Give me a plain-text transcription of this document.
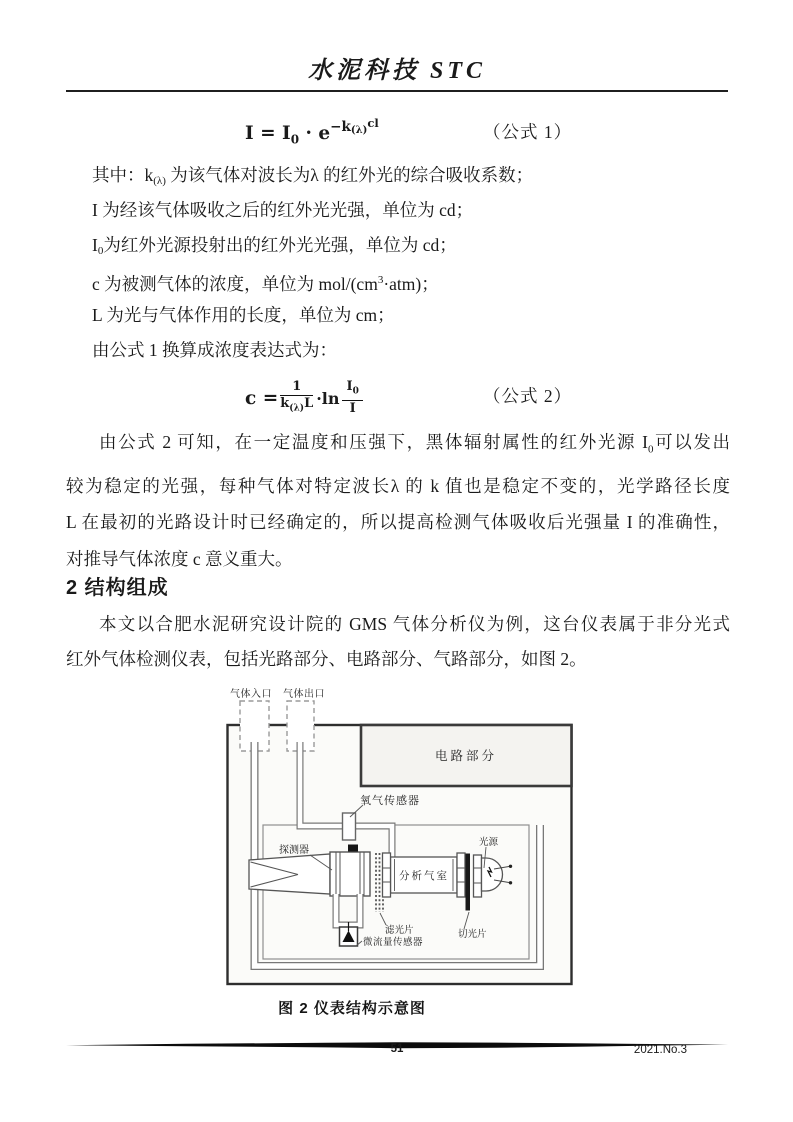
水泥科技 STC
$I = I_0 \cdot e^{-k_{(\lambda)}cl}$	（公式 1）
其中：k(λ) 为该气体对波长为λ 的红外光的综合吸收系数；
I 为经该气体吸收之后的红外光光强，单位为 cd；
I0为红外光源投射出的红外光光强，单位为 cd；
c 为被测气体的浓度，单位为 mol/$(cm^3\cdot atm)$；
L 为光与气体作用的长度，单位为 cm；
由公式 1 换算成浓度表达式为：
$c = \frac{1}{k_{(\lambda)}L} \cdot\ln \frac{I_0}{I}$	（公式 2）
由公式 2 可知，在一定温度和压强下，黑体辐射属性的红外光源 $I_0$可以发出
较为稳定的光强，每种气体对特定波长λ 的 k 值也是稳定不变的，光学路径长度
L 在最初的光路设计时已经确定的，所以提高检测气体吸收后光强量 I 的准确性，
对推导气体浓度 c 意义重大。
2 结构组成
本文以合肥水泥研究设计院的 GMS 气体分析仪为例，这台仪表属于非分光式
红外气体检测仪表，包括光路部分、电路部分、气路部分，如图 2。
电路部分
气体入口 气体出口
氧气传感器
探测器
微流量传感器
滤光片
分析气室
切光片
光源
图 2 仪表结构示意图
51	2021.No.3
